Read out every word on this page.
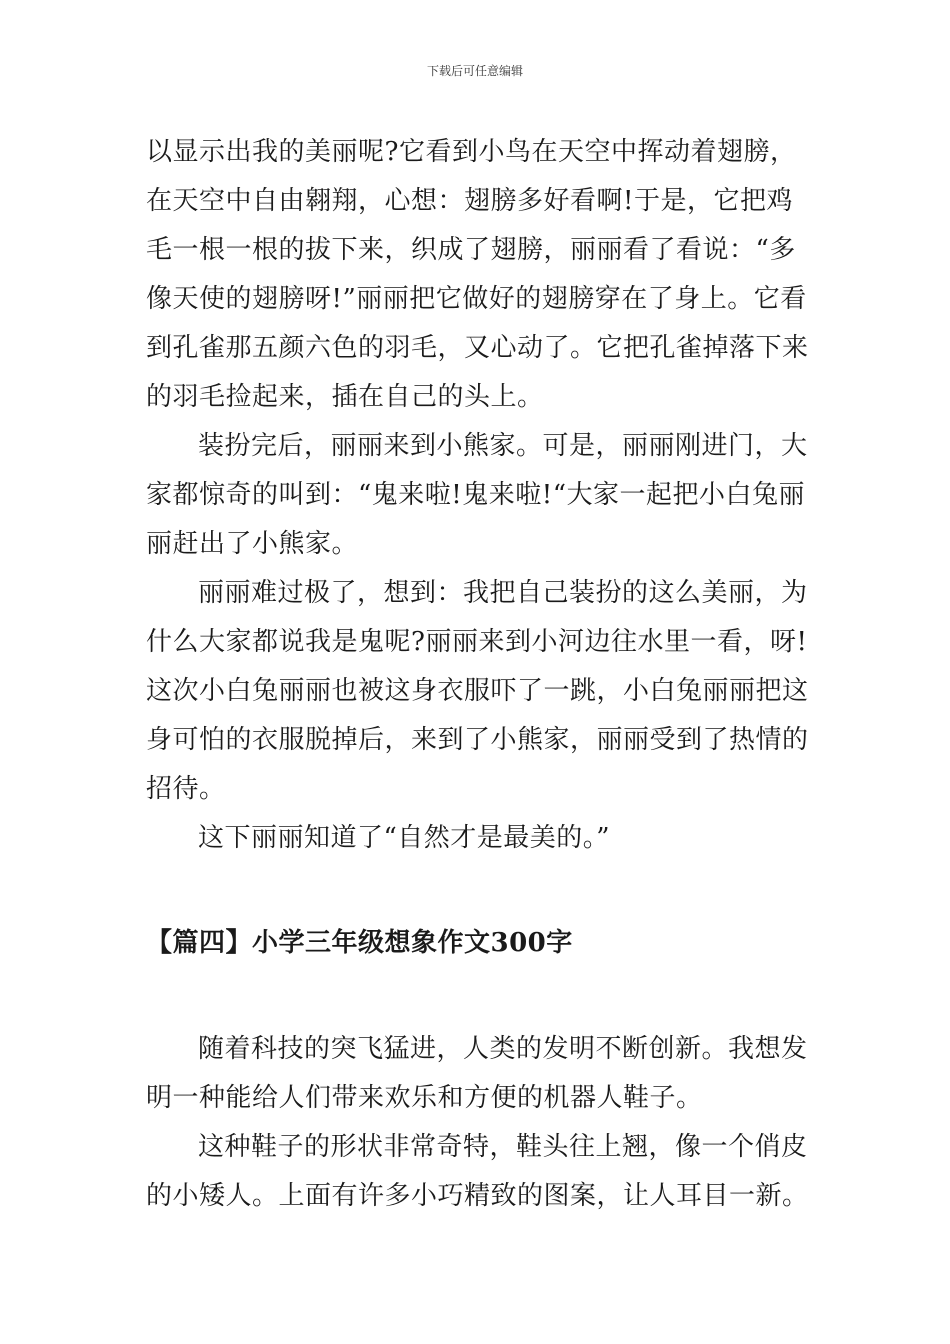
下载后可任意编辑

以显示出我的美丽呢?它看到小鸟在天空中挥动着翅膀，在天空中自由翱翔，心想：翅膀多好看啊!于是，它把鸡毛一根一根的拔下来，织成了翅膀，丽丽看了看说：“多像天使的翅膀呀!”丽丽把它做好的翅膀穿在了身上。它看到孔雀那五颜六色的羽毛，又心动了。它把孔雀掉落下来的羽毛捡起来，插在自己的头上。

装扮完后，丽丽来到小熊家。可是，丽丽刚进门，大家都惊奇的叫到：“鬼来啦!鬼来啦!“大家一起把小白兔丽丽赶出了小熊家。

丽丽难过极了，想到：我把自己装扮的这么美丽，为什么大家都说我是鬼呢?丽丽来到小河边往水里一看，呀!这次小白兔丽丽也被这身衣服吓了一跳，小白兔丽丽把这身可怕的衣服脱掉后，来到了小熊家，丽丽受到了热情的招待。

这下丽丽知道了“自然才是最美的。”

【篇四】小学三年级想象作文300字

随着科技的突飞猛进，人类的发明不断创新。我想发明一种能给人们带来欢乐和方便的机器人鞋子。

这种鞋子的形状非常奇特，鞋头往上翘，像一个俏皮的小矮人。上面有许多小巧精致的图案，让人耳目一新。
